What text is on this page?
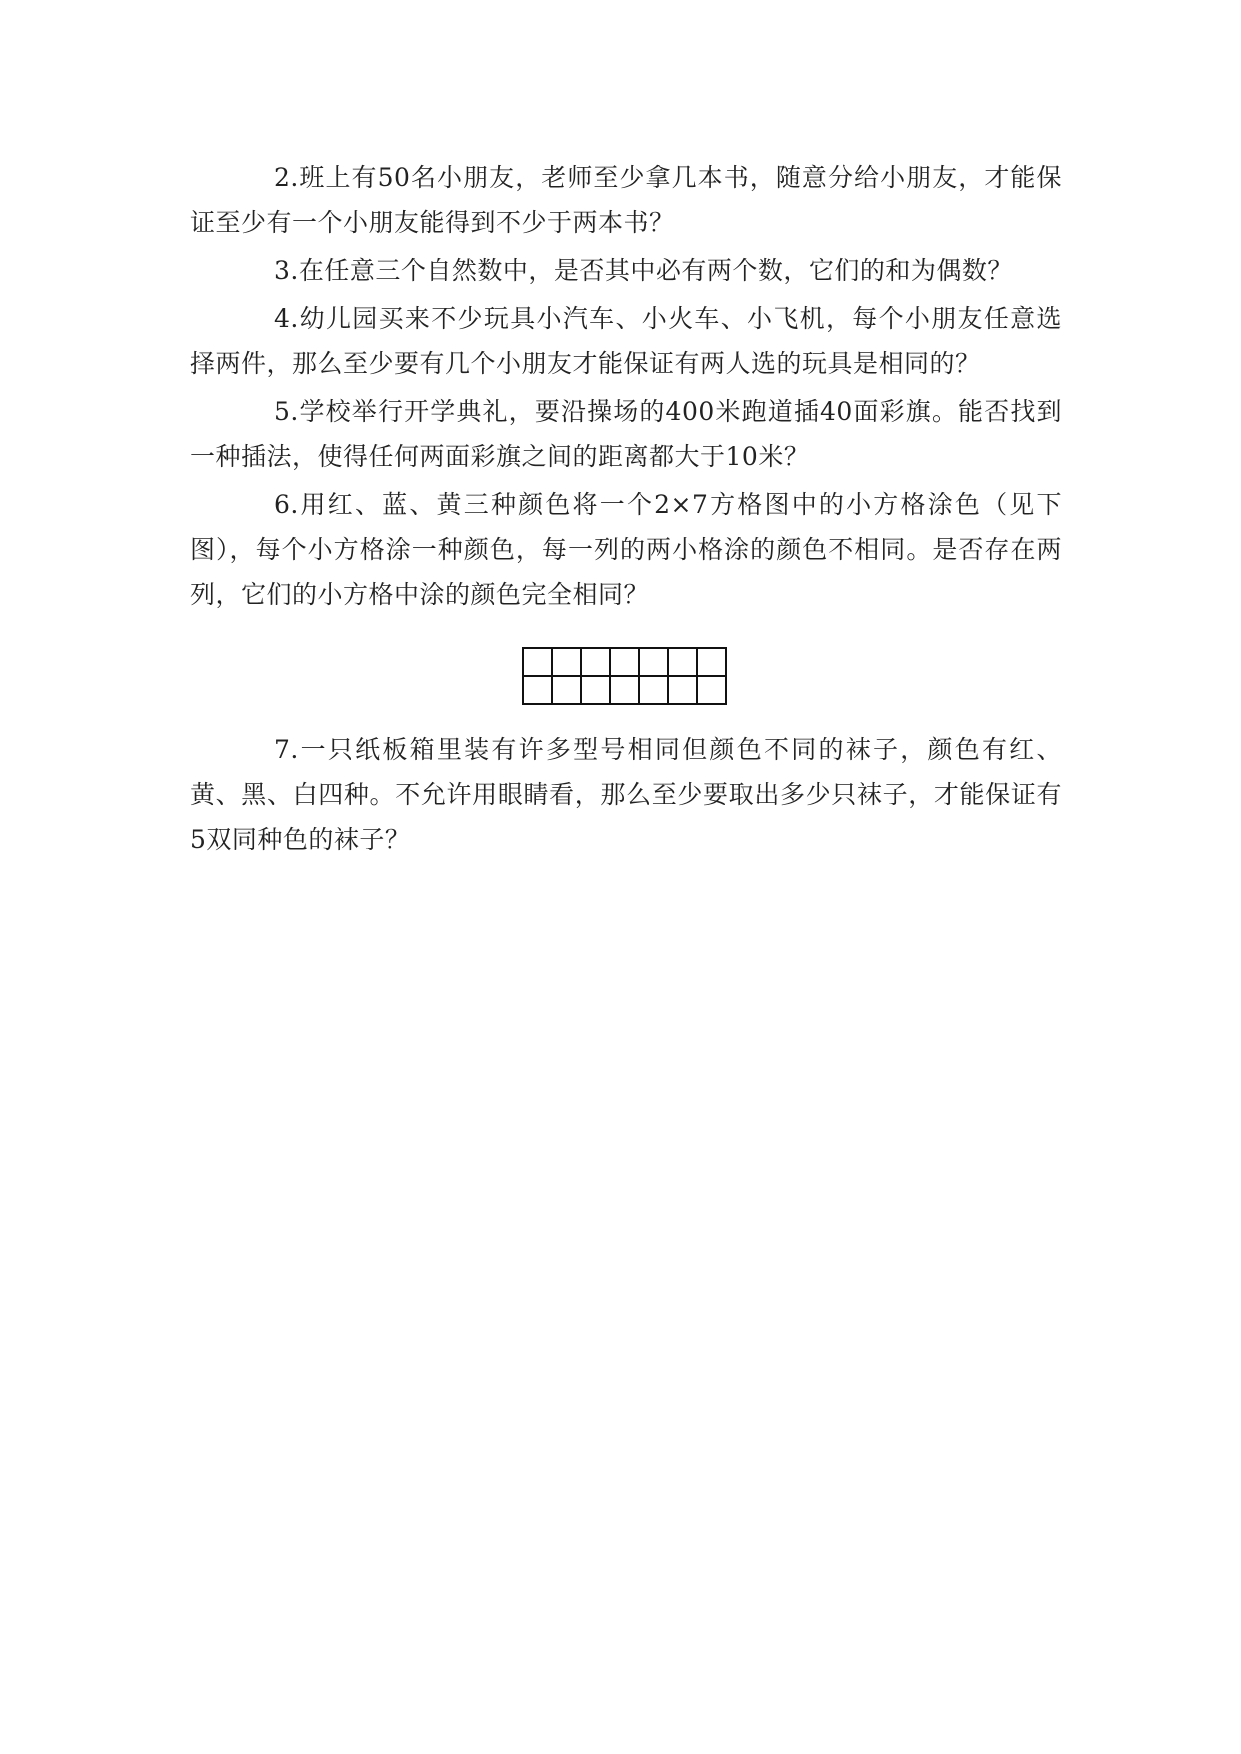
2.班上有50名小朋友，老师至少拿几本书，随意分给小朋友，才能保证至少有一个小朋友能得到不少于两本书？

3.在任意三个自然数中，是否其中必有两个数，它们的和为偶数？

4.幼儿园买来不少玩具小汽车、小火车、小飞机，每个小朋友任意选择两件，那么至少要有几个小朋友才能保证有两人选的玩具是相同的？

5.学校举行开学典礼，要沿操场的400米跑道插40面彩旗。能否找到一种插法，使得任何两面彩旗之间的距离都大于10米？

6.用红、蓝、黄三种颜色将一个2×7方格图中的小方格涂色（见下图），每个小方格涂一种颜色，每一列的两小格涂的颜色不相同。是否存在两列，它们的小方格中涂的颜色完全相同？

7.一只纸板箱里装有许多型号相同但颜色不同的袜子，颜色有红、黄、黑、白四种。不允许用眼睛看，那么至少要取出多少只袜子，才能保证有5双同种色的袜子？
